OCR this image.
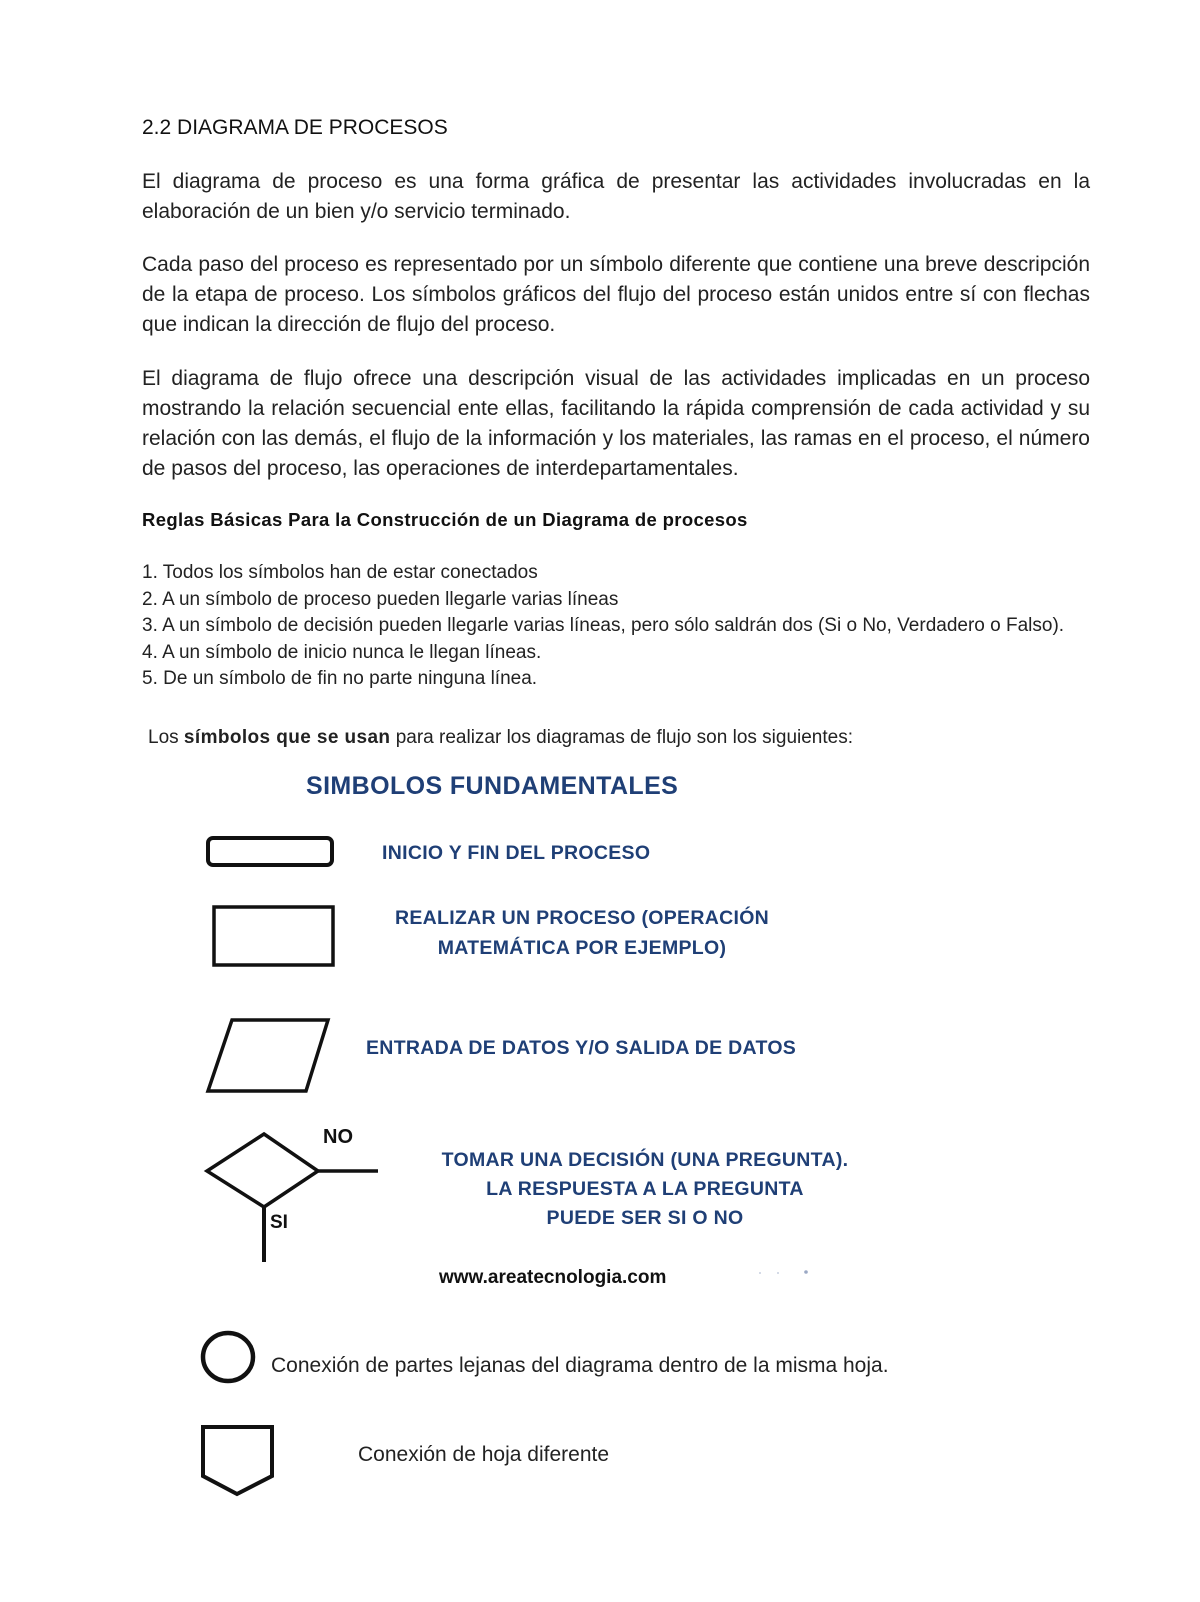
2.2 DIAGRAMA DE PROCESOS

El diagrama de proceso es una forma gráfica de presentar las actividades involucradas en la elaboración de un bien y/o servicio terminado.

Cada paso del proceso es representado por un símbolo diferente que contiene una breve descripción de la etapa de proceso. Los símbolos gráficos del flujo del proceso están unidos entre sí con flechas que indican la dirección de flujo del proceso.

El diagrama de flujo ofrece una descripción visual de las actividades implicadas en un proceso mostrando la relación secuencial ente ellas, facilitando la rápida comprensión de cada actividad y su relación con las demás, el flujo de la información y los materiales, las ramas en el proceso, el número de pasos del proceso, las operaciones de interdepartamentales.

Reglas Básicas Para la Construcción de un Diagrama de procesos
1. Todos los símbolos han de estar conectados
2. A un símbolo de proceso pueden llegarle varias líneas
3. A un símbolo de decisión pueden llegarle varias líneas, pero sólo saldrán dos (Si o No, Verdadero o Falso).
4. A un símbolo de inicio nunca le llegan líneas.
5. De un símbolo de fin no parte ninguna línea.

Los símbolos que se usan para realizar los diagramas de flujo son los siguientes:

SIMBOLOS FUNDAMENTALES

INICIO Y FIN DEL PROCESO

REALIZAR UN PROCESO (OPERACIÓN
MATEMÁTICA POR EJEMPLO)

ENTRADA DE DATOS Y/O SALIDA DE DATOS

NO

SI

TOMAR UNA DECISIÓN (UNA PREGUNTA).
LA RESPUESTA A LA PREGUNTA
PUEDE SER SI O NO

www.areatecnologia.com

Conexión de partes lejanas del diagrama dentro de la misma hoja.

Conexión de hoja diferente
